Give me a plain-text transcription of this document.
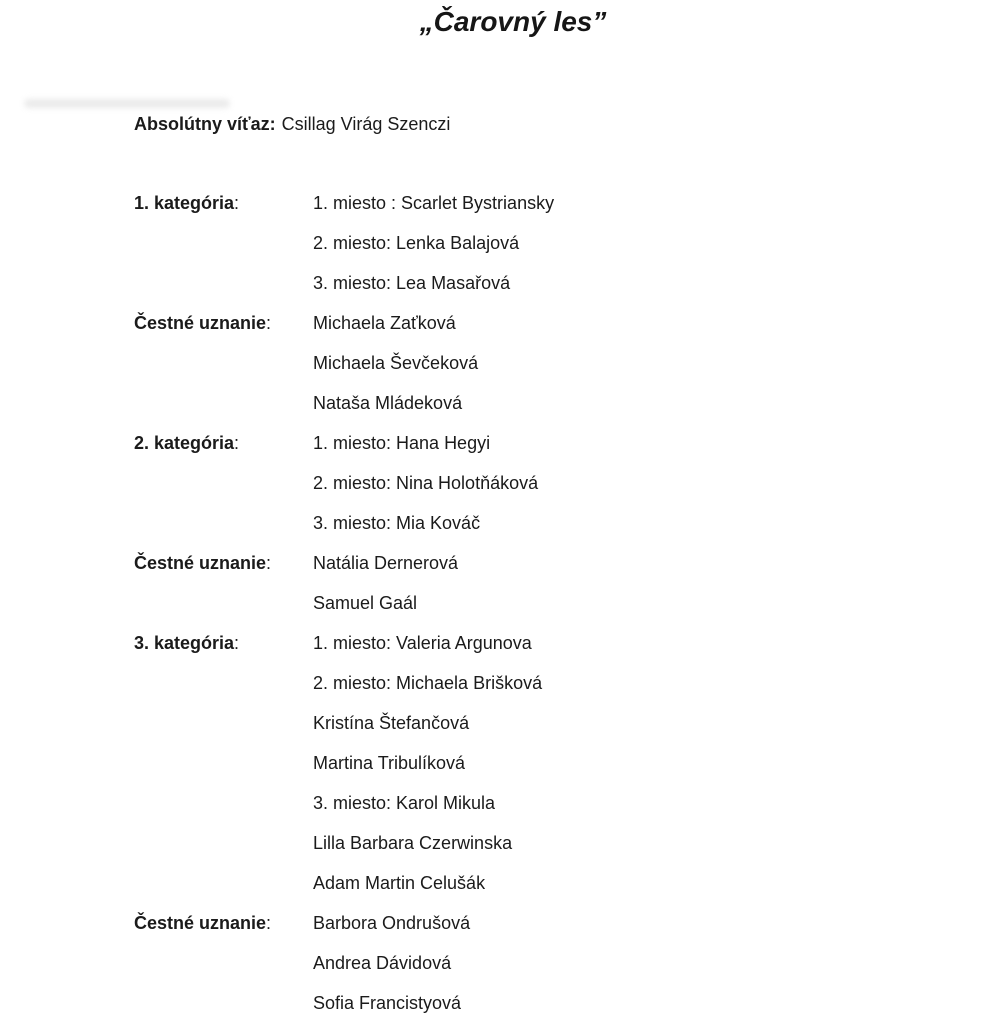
„Čarovný les”
Absolútny víťaz: Csillag Virág Szenczi
1. kategória:	1. miesto : Scarlet Bystriansky
2. miesto: Lenka Balajová
3. miesto: Lea Masařová
Čestné uznanie:	Michaela Zaťková
Michaela Ševčeková
Nataša Mládeková
2. kategória:	1. miesto: Hana Hegyi
2. miesto: Nina Holotňáková
3. miesto: Mia Kováč
Čestné uznanie:	Natália Dernerová
Samuel Gaál
3. kategória:	1. miesto: Valeria Argunova
2. miesto: Michaela Brišková
Kristína Štefančová
Martina Tribulíková
3. miesto: Karol Mikula
Lilla Barbara Czerwinska
Adam Martin Celušák
Čestné uznanie:	Barbora Ondrušová
Andrea Dávidová
Sofia Francistyová
